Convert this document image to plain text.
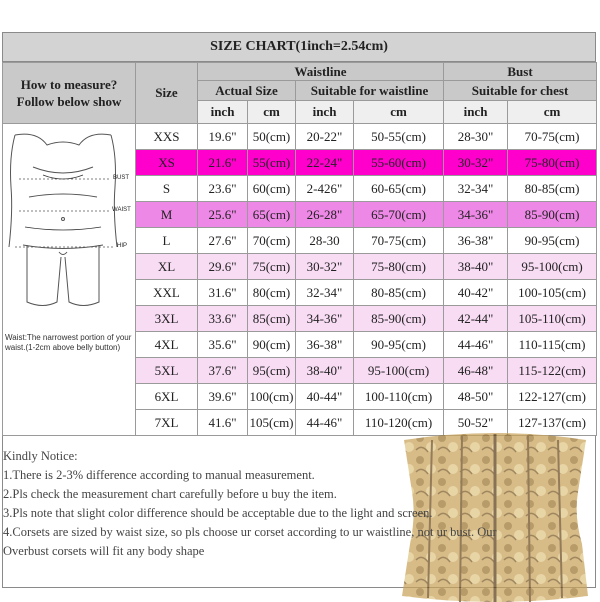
SIZE CHART(1inch=2.54cm)
How to measure?
Follow below show	Size	Waistline				Bust	
		Actual Size		Suitable for waistline		Suitable for chest	
		inch	cm	inch	cm	inch	cm
	XXS	19.6"	50(cm)	20-22"	50-55(cm)	28-30"	70-75(cm)
	XS	21.6"	55(cm)	22-24"	55-60(cm)	30-32"	75-80(cm)
	S	23.6"	60(cm)	2-426"	60-65(cm)	32-34"	80-85(cm)
	M	25.6"	65(cm)	26-28"	65-70(cm)	34-36"	85-90(cm)
	L	27.6"	70(cm)	28-30	70-75(cm)	36-38"	90-95(cm)
	XL	29.6"	75(cm)	30-32"	75-80(cm)	38-40"	95-100(cm)
	XXL	31.6"	80(cm)	32-34"	80-85(cm)	40-42"	100-105(cm)
	3XL	33.6"	85(cm)	34-36"	85-90(cm)	42-44"	105-110(cm)
	4XL	35.6"	90(cm)	36-38"	90-95(cm)	44-46"	110-115(cm)
	5XL	37.6"	95(cm)	38-40"	95-100(cm)	46-48"	115-122(cm)
	6XL	39.6"	100(cm)	40-44"	100-110(cm)	48-50"	122-127(cm)
	7XL	41.6"	105(cm)	44-46"	110-120(cm)	50-52"	127-137(cm)
BUST
WAIST
HIP
Waist:The narrowest portion of your waist.(1-2cm above belly button)
Kindly Notice:
1.There is 2-3% difference according to manual measurement.
2.Pls check the measurement chart carefully before u buy the item.
3.Pls note that slight color difference should be acceptable due to the light and screen.
4.Corsets are sized by waist size, so pls choose ur corset according to ur waistline, not ur bust. Our
Overbust corsets will fit any body shape
